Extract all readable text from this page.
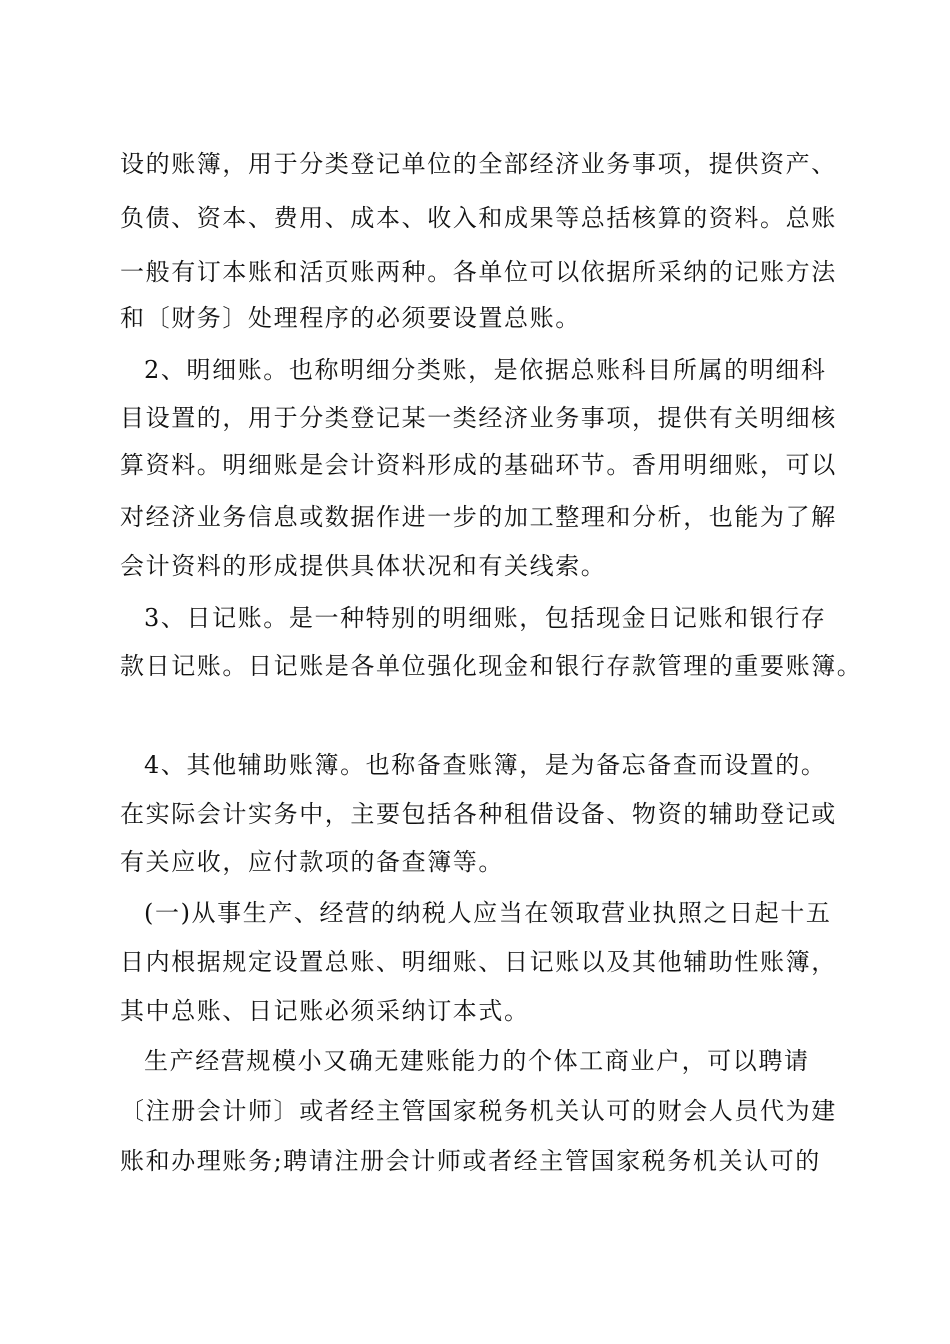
设的账簿，用于分类登记单位的全部经济业务事项，提供资产、
负债、资本、费用、成本、收入和成果等总括核算的资料。总账
一般有订本账和活页账两种。各单位可以依据所采纳的记账方法
和〔财务〕处理程序的必须要设置总账。
2、明细账。也称明细分类账，是依据总账科目所属的明细科
目设置的，用于分类登记某一类经济业务事项，提供有关明细核
算资料。明细账是会计资料形成的基础环节。香用明细账，可以
对经济业务信息或数据作进一步的加工整理和分析，也能为了解
会计资料的形成提供具体状况和有关线索。
3、日记账。是一种特别的明细账，包括现金日记账和银行存
款日记账。日记账是各单位强化现金和银行存款管理的重要账簿。
4、其他辅助账簿。也称备查账簿，是为备忘备查而设置的。
在实际会计实务中，主要包括各种租借设备、物资的辅助登记或
有关应收，应付款项的备查簿等。
(一)从事生产、经营的纳税人应当在领取营业执照之日起十五
日内根据规定设置总账、明细账、日记账以及其他辅助性账簿，
其中总账、日记账必须采纳订本式。
生产经营规模小又确无建账能力的个体工商业户，可以聘请
〔注册会计师〕或者经主管国家税务机关认可的财会人员代为建
账和办理账务;聘请注册会计师或者经主管国家税务机关认可的
